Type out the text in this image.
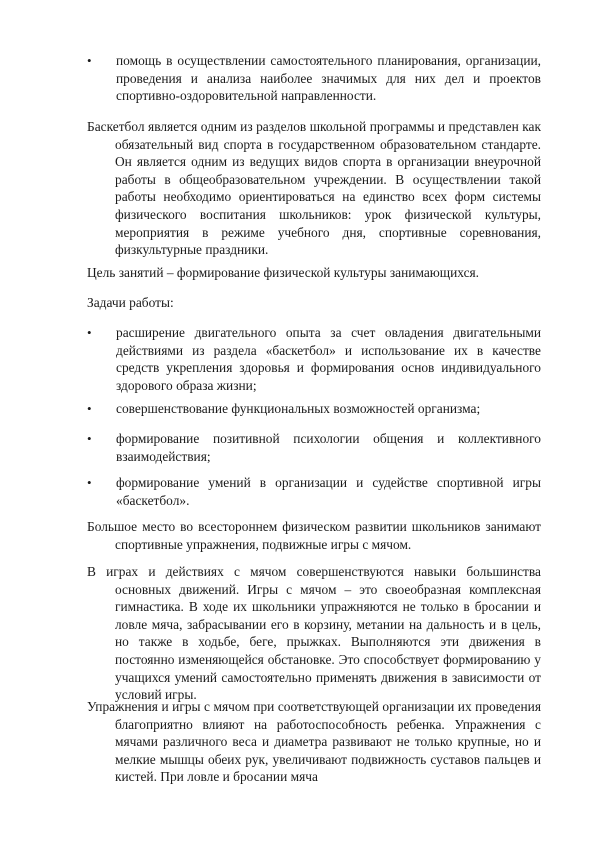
• помощь в осуществлении самостоятельного планирования, организации, проведения и анализа наиболее значимых для них дел и проектов спортивно-оздоровительной направленности.
Баскетбол является одним из разделов школьной программы и представлен как обязательный вид спорта в государственном образовательном стандарте. Он является одним из ведущих видов спорта в организации внеурочной работы в общеобразовательном учреждении. В осуществлении такой работы необходимо ориентироваться на единство всех форм системы физического воспитания школьников: урок физической культуры, мероприятия в режиме учебного дня, спортивные соревнования, физкультурные праздники.
Цель занятий – формирование физической культуры занимающихся.
Задачи работы:
• расширение двигательного опыта за счет овладения двигательными действиями из раздела «баскетбол» и использование их в качестве средств укрепления здоровья и формирования основ индивидуального здорового образа жизни;
• совершенствование функциональных возможностей организма;
• формирование позитивной психологии общения и коллективного взаимодействия;
• формирование умений в организации и судействе спортивной игры «баскетбол».
Большое место во всестороннем физическом развитии школьников занимают спортивные упражнения, подвижные игры с мячом.
В играх и действиях с мячом совершенствуются навыки большинства основных движений. Игры с мячом – это своеобразная комплексная гимнастика. В ходе их школьники упражняются не только в бросании и ловле мяча, забрасывании его в корзину, метании на дальность и в цель, но также в ходьбе, беге, прыжках. Выполняются эти движения в постоянно изменяющейся обстановке. Это способствует формированию у учащихся умений самостоятельно применять движения в зависимости от условий игры.
Упражнения и игры с мячом при соответствующей организации их проведения благоприятно влияют на работоспособность ребенка. Упражнения с мячами различного веса и диаметра развивают не только крупные, но и мелкие мышцы обеих рук, увеличивают подвижность суставов пальцев и кистей. При ловле и бросании мяча
